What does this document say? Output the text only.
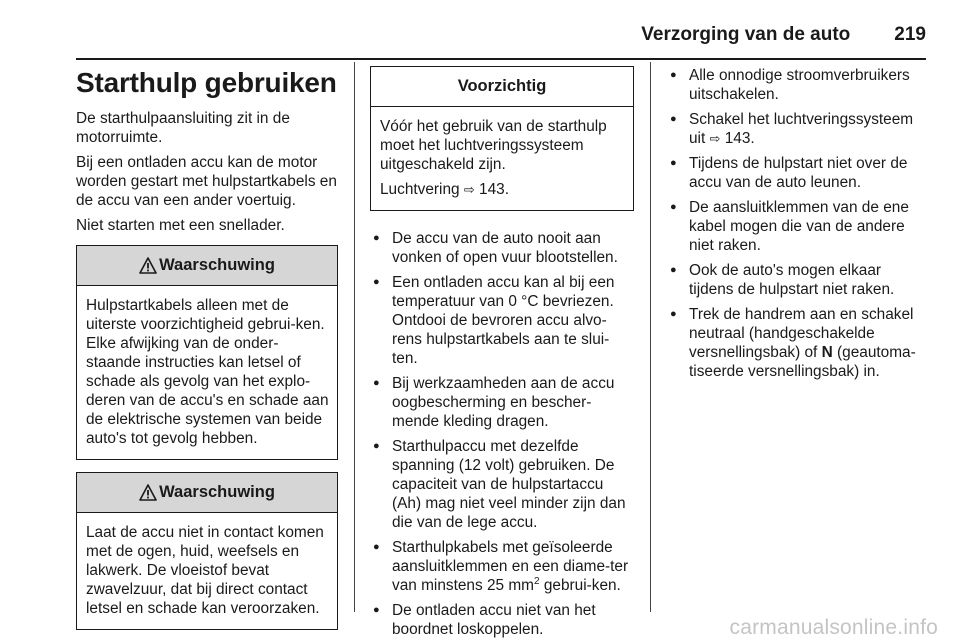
Verzorging van de auto 219
Starthulp gebruiken

De starthulpaansluiting zit in de motorruimte.

Bij een ontladen accu kan de motor worden gestart met hulpstartkabels en de accu van een ander voertuig.

Niet starten met een snellader.

Waarschuwing
Hulpstartkabels alleen met de uiterste voorzichtigheid gebrui-ken. Elke afwijking van de onder-staande instructies kan letsel of schade als gevolg van het explo-deren van de accu's en schade aan de elektrische systemen van beide auto's tot gevolg hebben.
Waarschuwing
Laat de accu niet in contact komen met de ogen, huid, weefsels en lakwerk. De vloeistof bevat zwavelzuur, dat bij direct contact letsel en schade kan veroorzaken.
Voorzichtig

Vóór het gebruik van de starthulp moet het luchtveringssysteem uitgeschakeld zijn.

Luchtvering ⇨ 143.

● De accu van de auto nooit aan vonken of open vuur blootstellen.
● Een ontladen accu kan al bij een temperatuur van 0 °C bevriezen. Ontdooi de bevroren accu alvo-rens hulpstartkabels aan te slui-ten.
● Bij werkzaamheden aan de accu oogbescherming en bescher-mende kleding dragen.
● Starthulpaccu met dezelfde spanning (12 volt) gebruiken. De capaciteit van de hulpstartaccu (Ah) mag niet veel minder zijn dan die van de lege accu.
● Starthulpkabels met geïsoleerde aansluitklemmen en een diame-ter van minstens 25 $mm^2$ gebrui-ken.
● De ontladen accu niet van het boordnet loskoppelen.
● Alle onnodige stroomverbruikers uitschakelen.
● Schakel het luchtveringssysteem uit ⇨ 143.
● Tijdens de hulpstart niet over de accu van de auto leunen.
● De aansluitklemmen van de ene kabel mogen die van de andere niet raken.
● Ook de auto's mogen elkaar tijdens de hulpstart niet raken.
● Trek de handrem aan en schakel neutraal (handgeschakelde versnellingsbak) of N (geautoma-tiseerde versnellingsbak) in.
carmanualsonline.info
